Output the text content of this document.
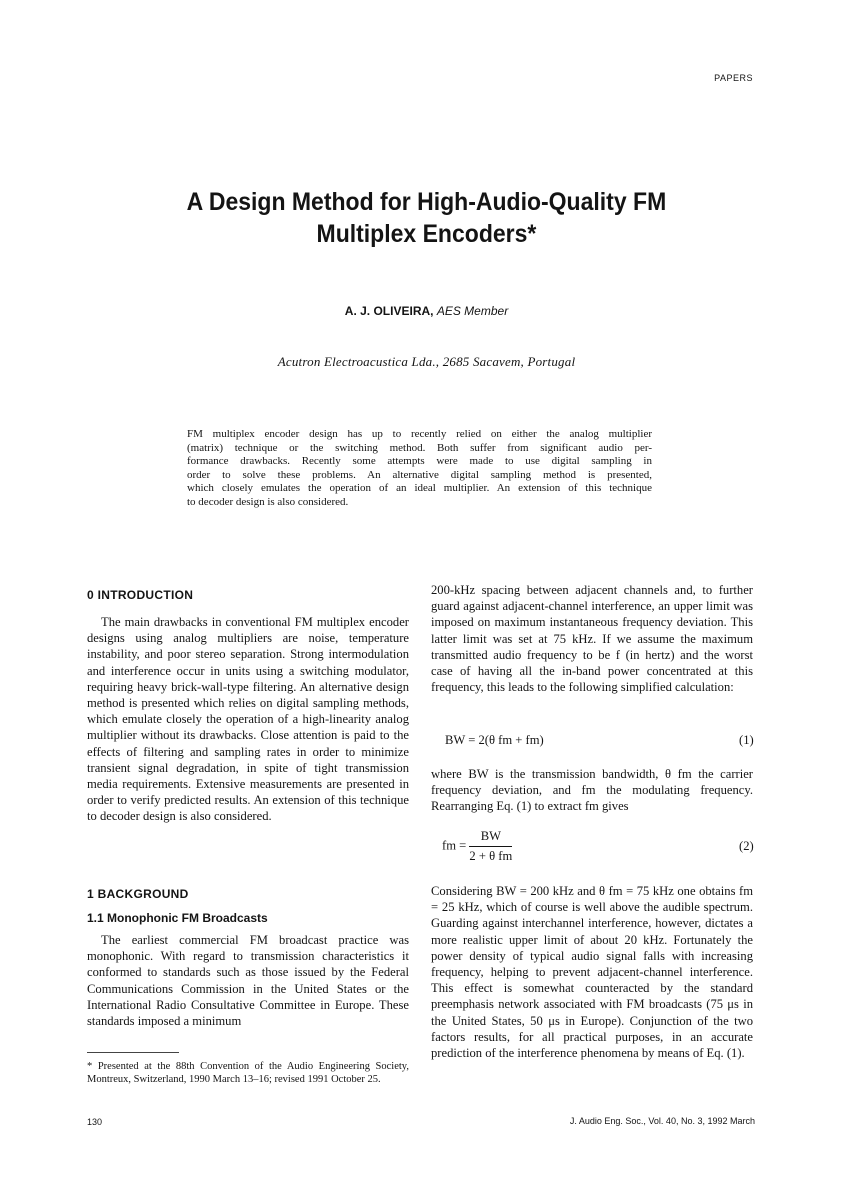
PAPERS
A Design Method for High-Audio-Quality FM
Multiplex Encoders*
A. J. OLIVEIRA, AES Member
Acutron Electroacustica Lda., 2685 Sacavem, Portugal
FM multiplex encoder design has up to recently relied on either the analog multiplier
(matrix) technique or the switching method. Both suffer from significant audio per-
formance drawbacks. Recently some attempts were made to use digital sampling in
order to solve these problems. An alternative digital sampling method is presented,
which closely emulates the operation of an ideal multiplier. An extension of this technique
to decoder design is also considered.
0 INTRODUCTION

The main drawbacks in conventional FM multiplex encoder designs using analog multipliers are noise, temperature instability, and poor stereo separation. Strong intermodulation and interference occur in units using a switching modulator, requiring heavy brick-wall-type filtering. An alternative design method is presented which relies on digital sampling methods, which emulate closely the operation of a high-linearity analog multiplier without its drawbacks. Close attention is paid to the effects of filtering and sampling rates in order to minimize transient signal degradation, in spite of tight transmission media requirements. Extensive measurements are presented in order to verify predicted results. An extension of this technique to decoder design is also considered.

1 BACKGROUND
1.1 Monophonic FM Broadcasts

The earliest commercial FM broadcast practice was monophonic. With regard to transmission characteristics it conformed to standards such as those issued by the Federal Communications Commission in the United States or the International Radio Consultative Committee in Europe. These standards imposed a minimum

* Presented at the 88th Convention of the Audio Engineering Society, Montreux, Switzerland, 1990 March 13–16; revised 1991 October 25.

200-kHz spacing between adjacent channels and, to further guard against adjacent-channel interference, an upper limit was imposed on maximum instantaneous frequency deviation. This latter limit was set at 75 kHz. If we assume the maximum transmitted audio frequency to be f (in hertz) and the worst case of having all the in-band power concentrated at this frequency, this leads to the following simplified calculation:

BW = 2(θ fm + fm)	(1)

where BW is the transmission bandwidth, θ fm the carrier frequency deviation, and fm the modulating frequency. Rearranging Eq. (1) to extract fm gives

fm = $\frac{BW}{\text{2 + θ fm}}$	(2)

Considering BW = 200 kHz and θ fm = 75 kHz one obtains fm = 25 kHz, which of course is well above the audible spectrum. Guarding against interchannel interference, however, dictates a more realistic upper limit of about 20 kHz. Fortunately the power density of typical audio signal falls with increasing frequency, helping to prevent adjacent-channel interference. This effect is somewhat counteracted by the standard preemphasis network associated with FM broadcasts (75 μs in the United States, 50 μs in Europe). Conjunction of the two factors results, for all practical purposes, in an accurate prediction of the interference phenomena by means of Eq. (1).

130	J. Audio Eng. Soc., Vol. 40, No. 3, 1992 March
